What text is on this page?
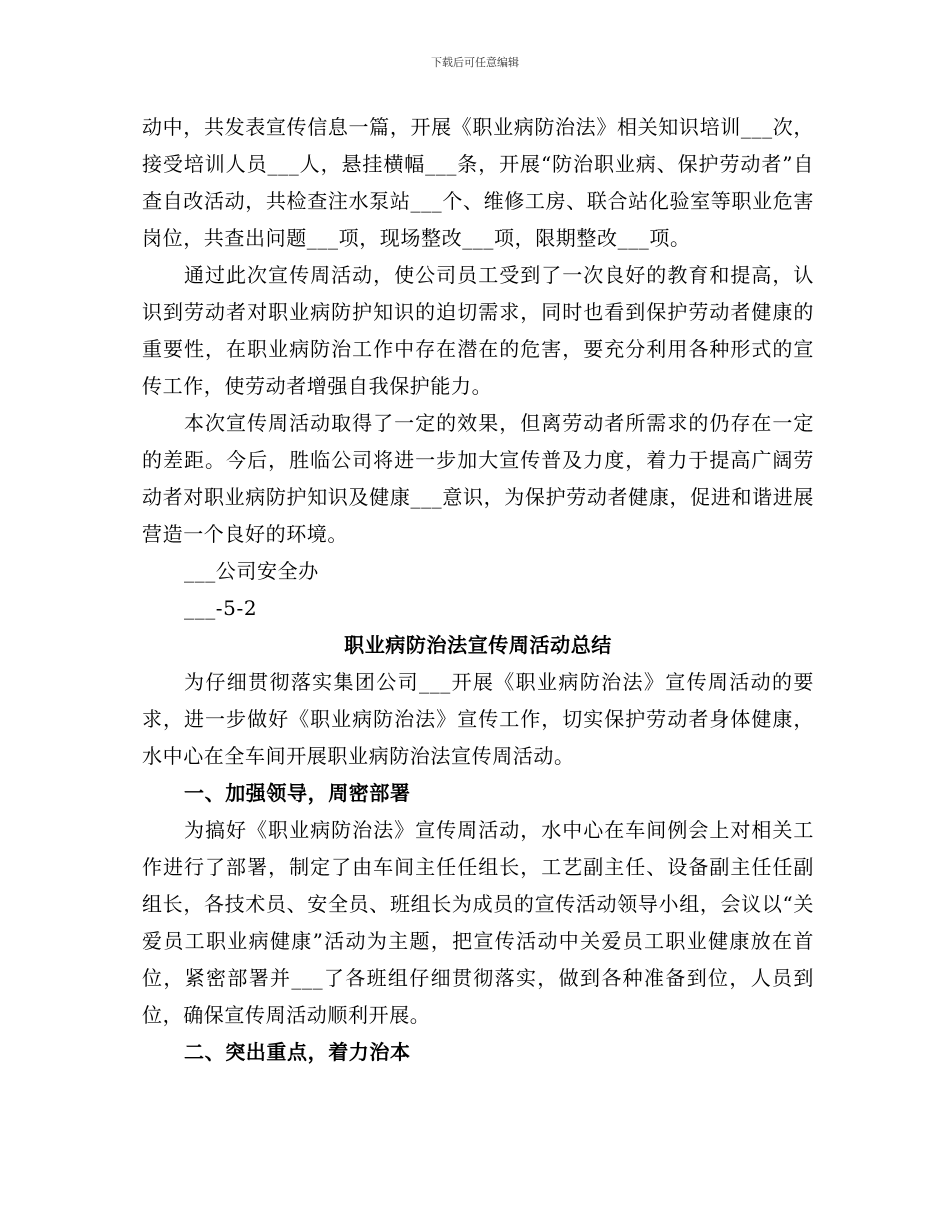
下载后可任意编辑

动中，共发表宣传信息一篇，开展《职业病防治法》相关知识培训___次，接受培训人员___人，悬挂横幅___条，开展“防治职业病、保护劳动者”自查自改活动，共检查注水泵站___个、维修工房、联合站化验室等职业危害岗位，共查出问题___项，现场整改___项，限期整改___项。

通过此次宣传周活动，使公司员工受到了一次良好的教育和提高，认识到劳动者对职业病防护知识的迫切需求，同时也看到保护劳动者健康的重要性，在职业病防治工作中存在潜在的危害，要充分利用各种形式的宣传工作，使劳动者增强自我保护能力。

本次宣传周活动取得了一定的效果，但离劳动者所需求的仍存在一定的差距。今后，胜临公司将进一步加大宣传普及力度，着力于提高广阔劳动者对职业病防护知识及健康___意识，为保护劳动者健康，促进和谐进展营造一个良好的环境。

___公司安全办

___-5-2

职业病防治法宣传周活动总结

为仔细贯彻落实集团公司___开展《职业病防治法》宣传周活动的要求，进一步做好《职业病防治法》宣传工作，切实保护劳动者身体健康，水中心在全车间开展职业病防治法宣传周活动。

一、加强领导，周密部署

为搞好《职业病防治法》宣传周活动，水中心在车间例会上对相关工作进行了部署，制定了由车间主任任组长，工艺副主任、设备副主任任副组长，各技术员、安全员、班组长为成员的宣传活动领导小组，会议以“关爱员工职业病健康”活动为主题，把宣传活动中关爱员工职业健康放在首位，紧密部署并___了各班组仔细贯彻落实，做到各种准备到位，人员到位，确保宣传周活动顺利开展。

二、突出重点，着力治本
